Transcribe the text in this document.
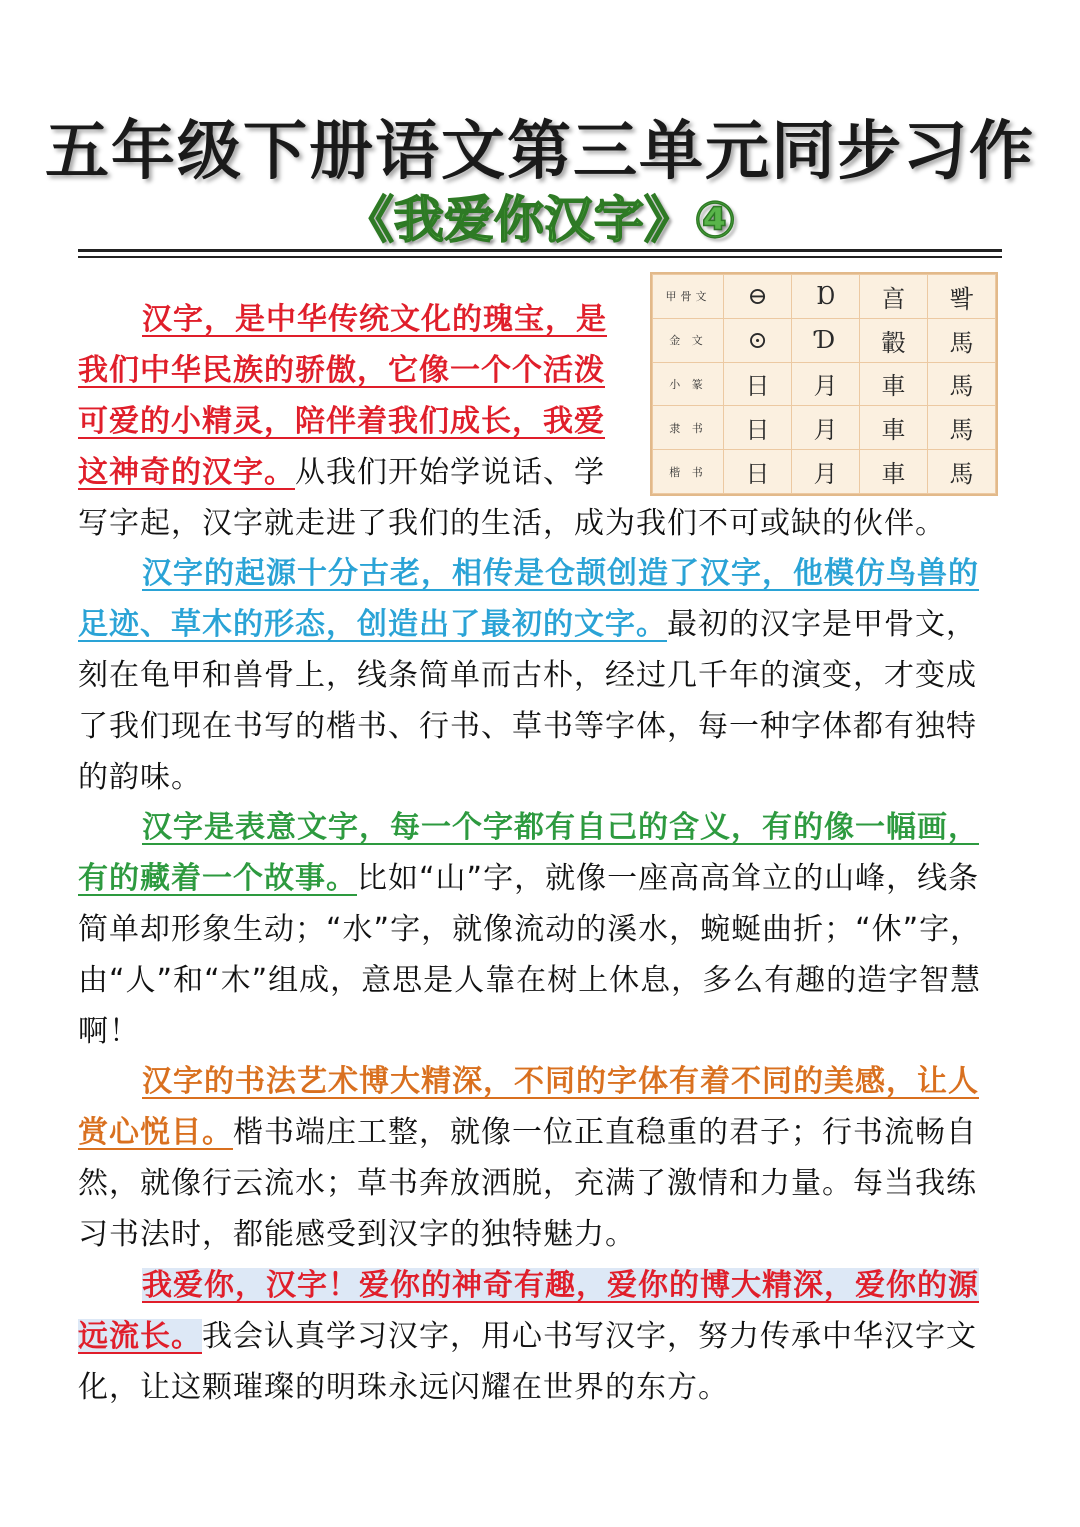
五年级下册语文第三单元同步习作
《我爱你汉字》④
甲骨文	⊖	Ɒ	亯	뽴
金 文	⊙	Ɗ	轂	馬
小 篆	日	月	車	馬
隶 书	日	月	車	馬
楷 书	日	月	車	馬

汉字，是中华传统文化的瑰宝，是我们中华民族的骄傲，它像一个个活泼可爱的小精灵，陪伴着我们成长，我爱这神奇的汉字。从我们开始学说话、学写字起，汉字就走进了我们的生活，成为我们不可或缺的伙伴。

汉字的起源十分古老，相传是仓颉创造了汉字，他模仿鸟兽的足迹、草木的形态，创造出了最初的文字。最初的汉字是甲骨文，刻在龟甲和兽骨上，线条简单而古朴，经过几千年的演变，才变成了我们现在书写的楷书、行书、草书等字体，每一种字体都有独特的韵味。

汉字是表意文字，每一个字都有自己的含义，有的像一幅画，有的藏着一个故事。比如“山”字，就像一座高高耸立的山峰，线条简单却形象生动；“水”字，就像流动的溪水，蜿蜒曲折；“休”字，由“人”和“木”组成，意思是人靠在树上休息，多么有趣的造字智慧啊！

汉字的书法艺术博大精深，不同的字体有着不同的美感，让人赏心悦目。楷书端庄工整，就像一位正直稳重的君子；行书流畅自然，就像行云流水；草书奔放洒脱，充满了激情和力量。每当我练习书法时，都能感受到汉字的独特魅力。

我爱你，汉字！爱你的神奇有趣，爱你的博大精深，爱你的源远流长。我会认真学习汉字，用心书写汉字，努力传承中华汉字文化，让这颗璀璨的明珠永远闪耀在世界的东方。
